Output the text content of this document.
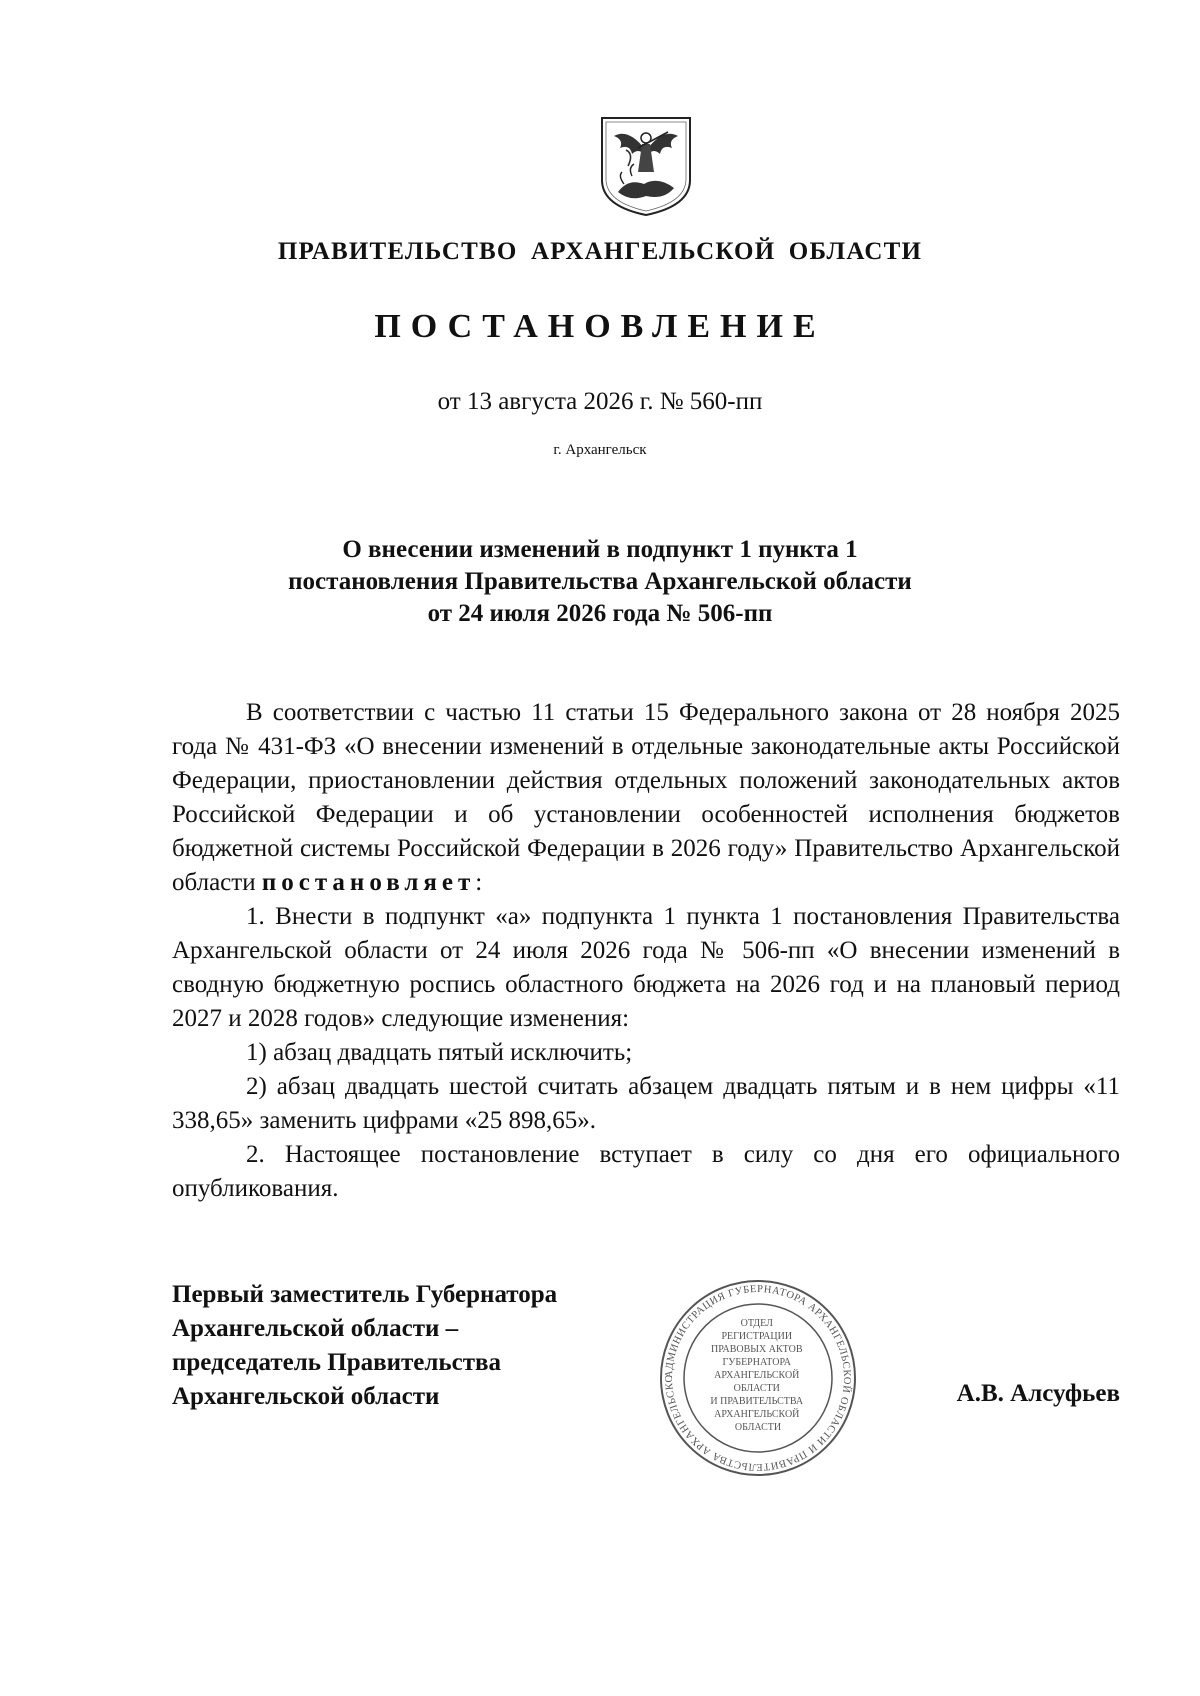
ПРАВИТЕЛЬСТВО АРХАНГЕЛЬСКОЙ ОБЛАСТИ
ПОСТАНОВЛЕНИЕ
от 13 августа 2026 г. № 560-пп
г. Архангельск
О внесении изменений в подпункт 1 пункта 1
постановления Правительства Архангельской области
от 24 июля 2026 года № 506-пп

В соответствии с частью 11 статьи 15 Федерального закона от 28 ноября 2025 года № 431-ФЗ «О внесении изменений в отдельные законодательные акты Российской Федерации, приостановлении действия отдельных положений законодательных актов Российской Федерации и об установлении особенностей исполнения бюджетов бюджетной системы Российской Федерации в 2026 году» Правительство Архангельской области постановляет:

1. Внести в подпункт «а» подпункта 1 пункта 1 постановления Правительства Архангельской области от 24 июля 2026 года № 506-пп «О внесении изменений в сводную бюджетную роспись областного бюджета на 2026 год и на плановый период 2027 и 2028 годов» следующие изменения:

1) абзац двадцать пятый исключить;

2) абзац двадцать шестой считать абзацем двадцать пятым и в нем цифры «11 338,65» заменить цифрами «25 898,65».

2. Настоящее постановление вступает в силу со дня его официального опубликования.

Первый заместитель Губернатора
Архангельской области –
председатель Правительства
Архангельской области
АДМИНИСТРАЦИЯ ГУБЕРНАТОРА АРХАНГЕЛЬСКОЙ ОБЛАСТИ И ПРАВИТЕЛЬСТВА АРХАНГЕЛЬСКО
ОТДЕЛ РЕГИСТРАЦИИ ПРАВОВЫХ АКТОВ ГУБЕРНАТОРА АРХАНГЕЛЬСКОЙ ОБЛАСТИ И ПРАВИТЕЛЬСТВА АРХАНГЕЛЬСКОЙ ОБЛАСТИ
А.В. Алсуфьев
